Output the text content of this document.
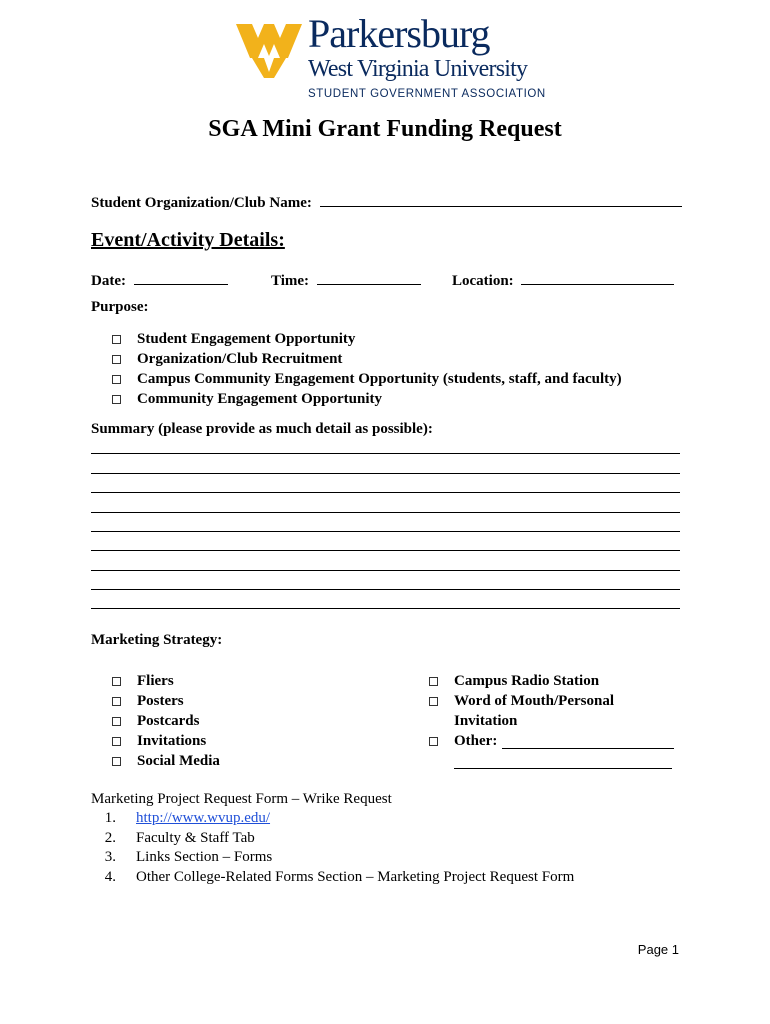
Parkersburg
West Virginia University
STUDENT GOVERNMENT ASSOCIATION
SGA Mini Grant Funding Request
Student Organization/Club Name:
Event/Activity Details:
Date:	Time:	Location:
Purpose:
Student Engagement Opportunity
Organization/Club Recruitment
Campus Community Engagement Opportunity (students, staff, and faculty)
Community Engagement Opportunity
Summary (please provide as much detail as possible):
Marketing Strategy:
Fliers
Posters
Postcards
Invitations
Social Media
Campus Radio Station
Word of Mouth/Personal
Invitation
Other:
Marketing Project Request Form – Wrike Request
1. http://www.wvup.edu/
2. Faculty & Staff Tab
3. Links Section – Forms
4. Other College-Related Forms Section – Marketing Project Request Form
Page 1
